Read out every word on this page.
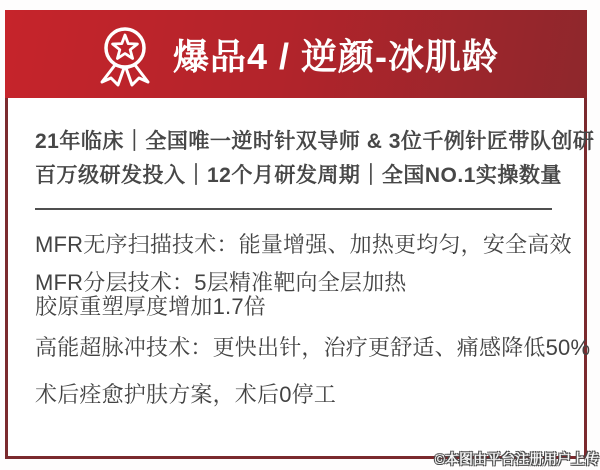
爆品4 / 逆颜-冰肌龄

21年临床｜全国唯一逆时针双导师 & 3位千例针匠带队创研
百万级研发投入｜12个月研发周期｜全国NO.1实操数量

MFR无序扫描技术：能量增强、加热更均匀，安全高效

MFR分层技术：5层精准靶向全层加热
胶原重塑厚度增加1.7倍

高能超脉冲技术：更快出针，治疗更舒适、痛感降低50%

术后痊愈护肤方案，术后0停工

©本图由平台注册用户上传
